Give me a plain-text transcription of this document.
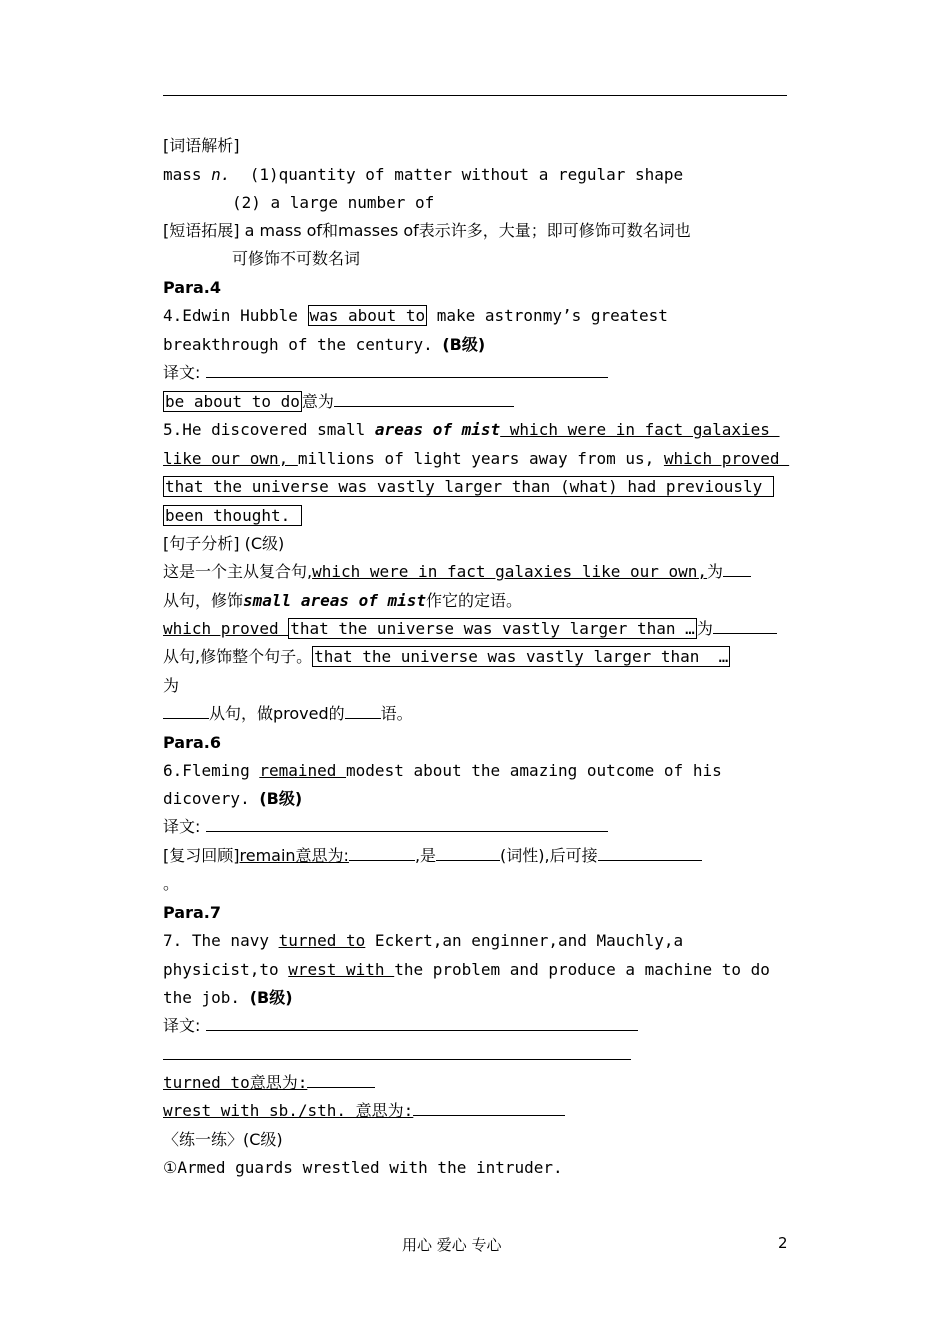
[词语解析]
mass n. (1)quantity of matter without a regular shape
(2) a large number of
[短语拓展] a mass of和masses of表示许多，大量；即可修饰可数名词也
可修饰不可数名词
Para.4
4.Edwin Hubble was about to make astronmy’s greatest
breakthrough of the century. (B级)
译文:
be about to do 意为
5.He discovered small areas of mist which were in fact galaxies
like our own, millions of light years away from us, which proved
that the universe was vastly larger than (what) had previously
been thought.
[句子分析] (C级)
这是一个主从复合句,which were in fact galaxies like our own,为
从句，修饰small areas of mist作它的定语。
which proved that the universe was vastly larger than … 为
从句,修饰整个句子。 that the universe was vastly larger than  …
为
从句，做proved的 语。
Para.6
6.Fleming remained modest about the amazing outcome of his
dicovery. (B级)
译文:
[复习回顾]remain意思为:	,是	(词性),后可接
。
Para.7
7. The navy turned to Eckert,an enginner,and Mauchly,a
physicist,to wrest with the problem and produce a machine to do
the job. (B级)
译文:
turned to意思为:
wrest with sb./sth. 意思为:
〈练一练〉(C级)
①Armed guards wrestled with the intruder.
用心 爱心 专心	2
